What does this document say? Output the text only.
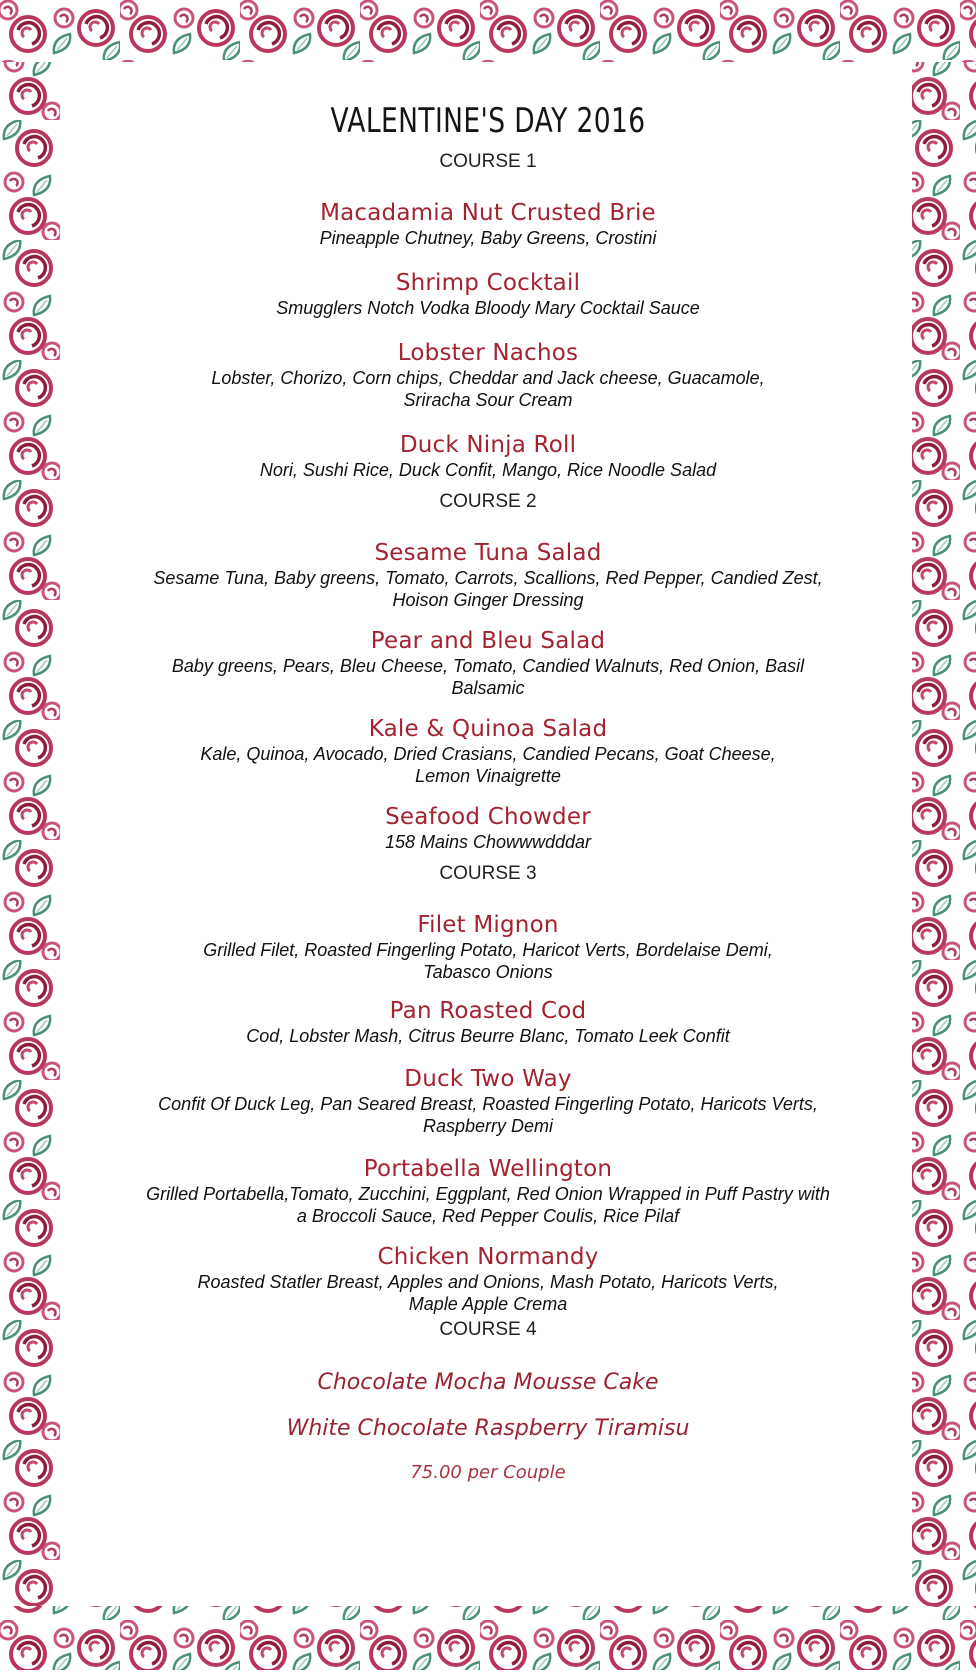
VALENTINE'S DAY 2016

COURSE 1

Macadamia Nut Crusted Brie

Pineapple Chutney, Baby Greens, Crostini

Shrimp Cocktail

Smugglers Notch Vodka Bloody Mary Cocktail Sauce

Lobster Nachos

Lobster, Chorizo, Corn chips, Cheddar and Jack cheese, Guacamole,

Sriracha Sour Cream

Duck Ninja Roll

Nori, Sushi Rice, Duck Confit, Mango, Rice Noodle Salad

COURSE 2

Sesame Tuna Salad

Sesame Tuna, Baby greens, Tomato, Carrots, Scallions, Red Pepper, Candied Zest,

Hoison Ginger Dressing

Pear and Bleu Salad

Baby greens, Pears, Bleu Cheese, Tomato, Candied Walnuts, Red Onion, Basil

Balsamic

Kale & Quinoa Salad

Kale, Quinoa, Avocado, Dried Crasians, Candied Pecans, Goat Cheese,

Lemon Vinaigrette

Seafood Chowder

158 Mains Chowwwdddar

COURSE 3

Filet Mignon

Grilled Filet, Roasted Fingerling Potato, Haricot Verts, Bordelaise Demi,

Tabasco Onions

Pan Roasted Cod

Cod, Lobster Mash, Citrus Beurre Blanc, Tomato Leek Confit

Duck Two Way

Confit Of Duck Leg, Pan Seared Breast, Roasted Fingerling Potato, Haricots Verts,

Raspberry Demi

Portabella Wellington

Grilled Portabella,Tomato, Zucchini, Eggplant, Red Onion Wrapped in Puff Pastry with

a Broccoli Sauce, Red Pepper Coulis, Rice Pilaf

Chicken Normandy

Roasted Statler Breast, Apples and Onions, Mash Potato, Haricots Verts,

Maple Apple Crema

COURSE 4

Chocolate Mocha Mousse Cake

White Chocolate Raspberry Tiramisu

75.00 per Couple
